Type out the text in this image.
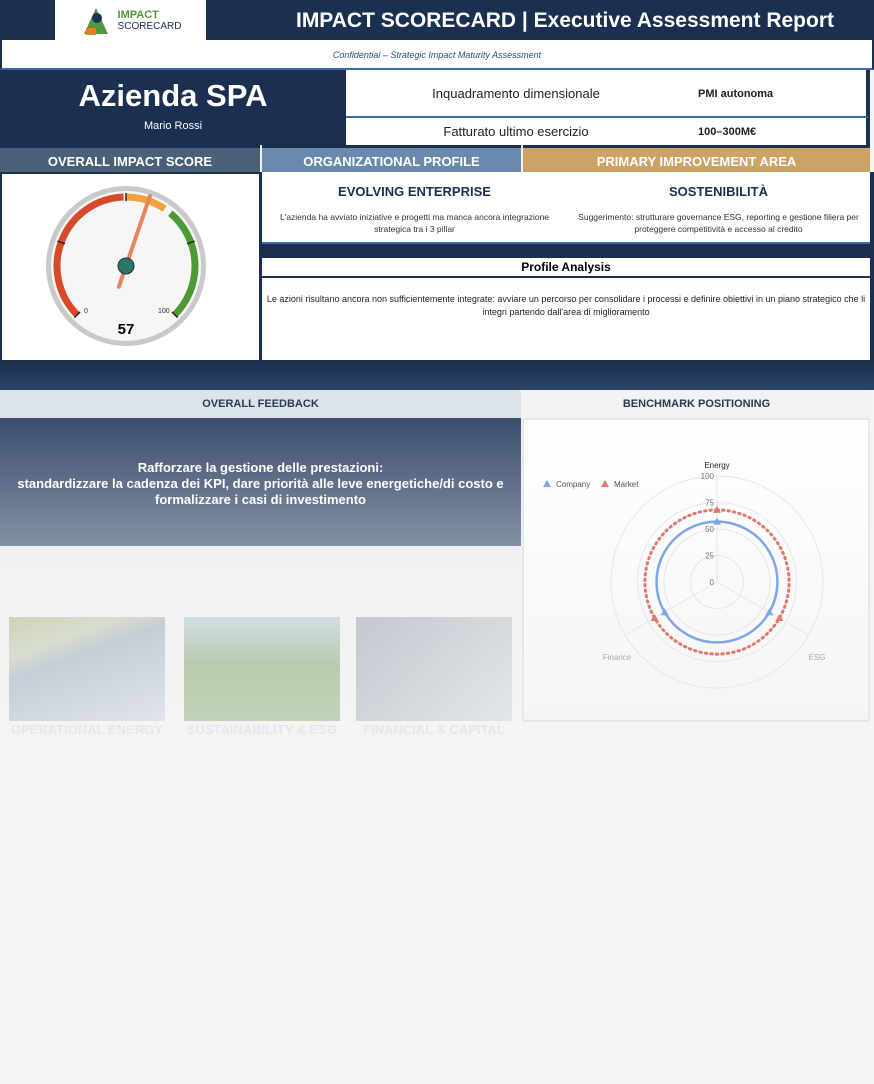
IMPACT
SCORECARD	IMPACT SCORECARD | Executive Assessment Report
Confidential – Strategic Impact Maturity Assessment
Azienda SPA
Mario Rossi
Inquadramento dimensionale	PMI autonoma
Fatturato ultimo esercizio	100–300M€
OVERALL IMPACT SCORE	ORGANIZATIONAL PROFILE	PRIMARY IMPROVEMENT AREA
0	100
57
EVOLVING ENTERPRISE

L'azienda ha avviato iniziative e progetti ma manca ancora integrazione strategica tra i 3 pillar

SOSTENIBILITÀ

Suggerimento: strutturare governance ESG, reporting e gestione filiera per proteggere competitività e accesso al credito

Profile Analysis
Le azioni risultano ancora non sufficientemente integrate: avviare un percorso per consolidare i processi e definire obiettivi in un piano strategico che li integri partendo dall'area di miglioramento
OVERALL FEEDBACK	BENCHMARK POSITIONING
Rafforzare la gestione delle prestazioni:
standardizzare la cadenza dei KPI, dare priorità alle leve energetiche/di costo e formalizzare i casi di investimento
OPERATIONAL ENERGY SUSTAINABILITY & ESG	FINANCIAL & CAPITAL
Company	Market
0
25
50
75
100
Energy
ESG
Finance
